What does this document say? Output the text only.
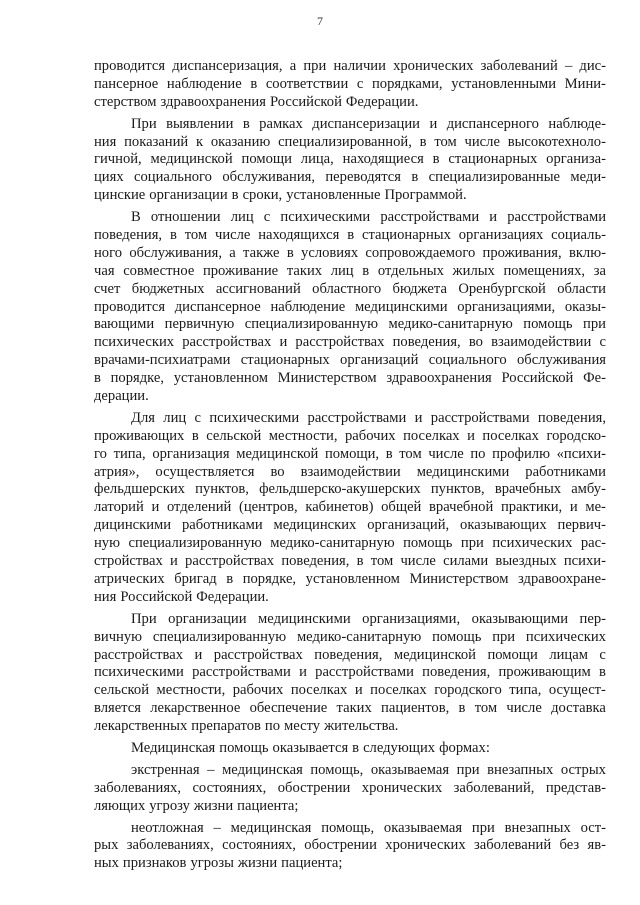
7
проводится диспансеризация, а при наличии хронических заболеваний – дис-
пансерное наблюдение в соответствии с порядками, установленными Мини-
стерством здравоохранения Российской Федерации.
При выявлении в рамках диспансеризации и диспансерного наблюде-
ния показаний к оказанию специализированной, в том числе высокотехноло-
гичной, медицинской помощи лица, находящиеся в стационарных организа-
циях социального обслуживания, переводятся в специализированные меди-
цинские организации в сроки, установленные Программой.
В отношении лиц с психическими расстройствами и расстройствами
поведения, в том числе находящихся в стационарных организациях социаль-
ного обслуживания, а также в условиях сопровождаемого проживания, вклю-
чая совместное проживание таких лиц в отдельных жилых помещениях, за
счет бюджетных ассигнований областного бюджета Оренбургской области
проводится диспансерное наблюдение медицинскими организациями, оказы-
вающими первичную специализированную медико-санитарную помощь при
психических расстройствах и расстройствах поведения, во взаимодействии с
врачами-психиатрами стационарных организаций социального обслуживания
в порядке, установленном Министерством здравоохранения Российской Фе-
дерации.
Для лиц с психическими расстройствами и расстройствами поведения,
проживающих в сельской местности, рабочих поселках и поселках городско-
го типа, организация медицинской помощи, в том числе по профилю «психи-
атрия», осуществляется во взаимодействии медицинскими работниками
фельдшерских пунктов, фельдшерско-акушерских пунктов, врачебных амбу-
латорий и отделений (центров, кабинетов) общей врачебной практики, и ме-
дицинскими работниками медицинских организаций, оказывающих первич-
ную специализированную медико-санитарную помощь при психических рас-
стройствах и расстройствах поведения, в том числе силами выездных психи-
атрических бригад в порядке, установленном Министерством здравоохране-
ния Российской Федерации.
При организации медицинскими организациями, оказывающими пер-
вичную специализированную медико-санитарную помощь при психических
расстройствах и расстройствах поведения, медицинской помощи лицам с
психическими расстройствами и расстройствами поведения, проживающим в
сельской местности, рабочих поселках и поселках городского типа, осущест-
вляется лекарственное обеспечение таких пациентов, в том числе доставка
лекарственных препаратов по месту жительства.
Медицинская помощь оказывается в следующих формах:
экстренная – медицинская помощь, оказываемая при внезапных острых
заболеваниях, состояниях, обострении хронических заболеваний, представ-
ляющих угрозу жизни пациента;
неотложная – медицинская помощь, оказываемая при внезапных ост-
рых заболеваниях, состояниях, обострении хронических заболеваний без яв-
ных признаков угрозы жизни пациента;
